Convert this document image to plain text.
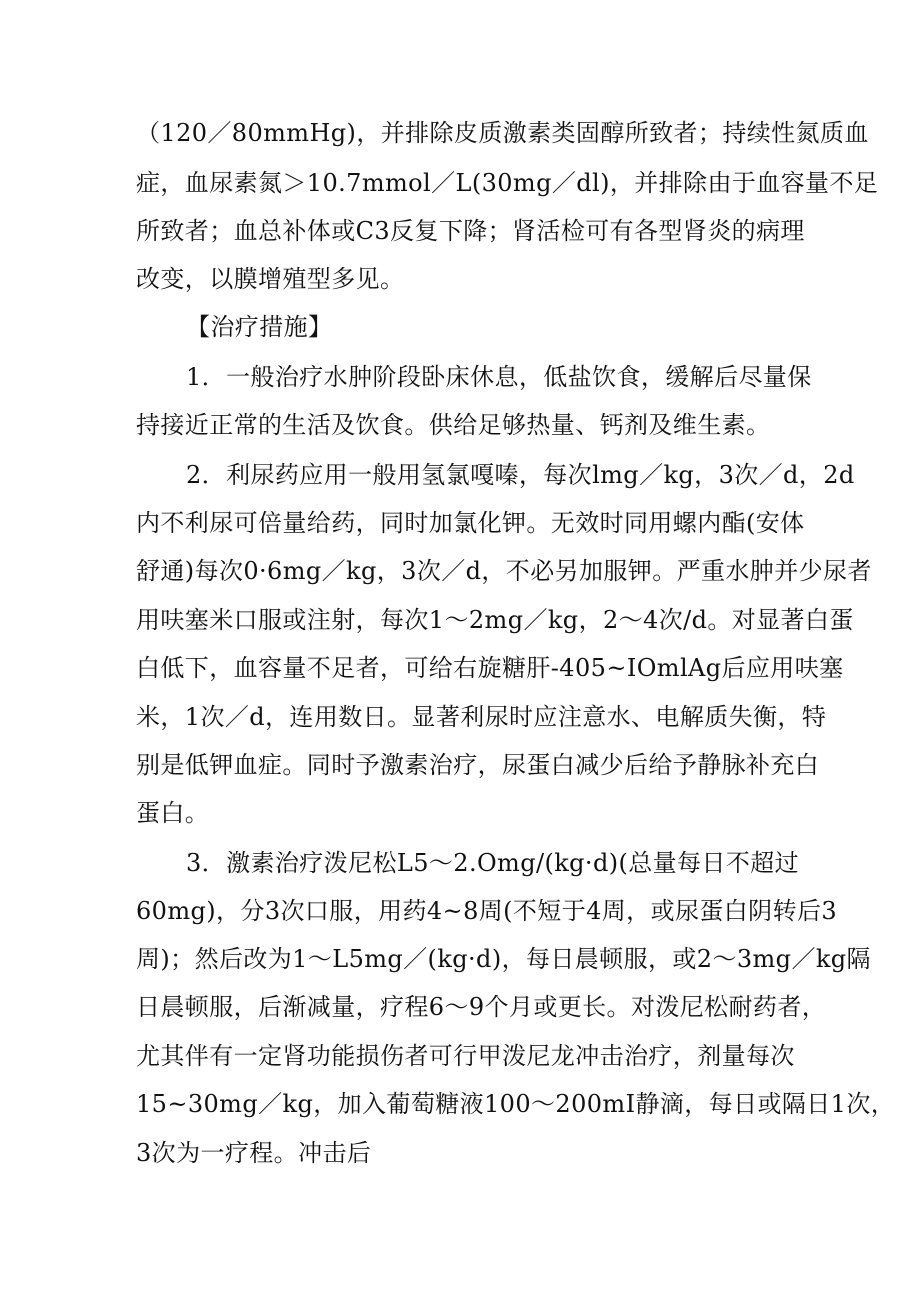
（120／80mmHg)，并排除皮质激素类固醇所致者；持续性氮质血
症，血尿素氮＞10.7mmol／L(30mg／dl)，并排除由于血容量不足
所致者；血总补体或C3反复下降；肾活检可有各型肾炎的病理
改变，以膜增殖型多见。
【治疗措施】
1．一般治疗水肿阶段卧床休息，低盐饮食，缓解后尽量保
持接近正常的生活及饮食。供给足够热量、钙剂及维生素。
2．利尿药应用一般用氢氯嘎嗪，每次lmg／kg，3次／d，2d
内不利尿可倍量给药，同时加氯化钾。无效时同用螺内酯(安体
舒通)每次0·6mg／kg，3次／d，不必另加服钾。严重水肿并少尿者
用呋塞米口服或注射，每次1～2mg／kg，2～4次/d。对显著白蛋
白低下，血容量不足者，可给右旋糖肝-405~IOmlAg后应用呋塞
米，1次／d，连用数日。显著利尿时应注意水、电解质失衡，特
别是低钾血症。同时予激素治疗，尿蛋白减少后给予静脉补充白
蛋白。
3．激素治疗泼尼松L5～2.Omg/(kg·d)(总量每日不超过
60mg)，分3次口服，用药4~8周(不短于4周，或尿蛋白阴转后3
周)；然后改为1～L5mg／(kg·d)，每日晨顿服，或2～3mg／kg隔
日晨顿服，后渐减量，疗程6～9个月或更长。对泼尼松耐药者，
尤其伴有一定肾功能损伤者可行甲泼尼龙冲击治疗，剂量每次
15~30mg／kg，加入葡萄糖液100～200mI静滴，每日或隔日1次，
3次为一疗程。冲击后
